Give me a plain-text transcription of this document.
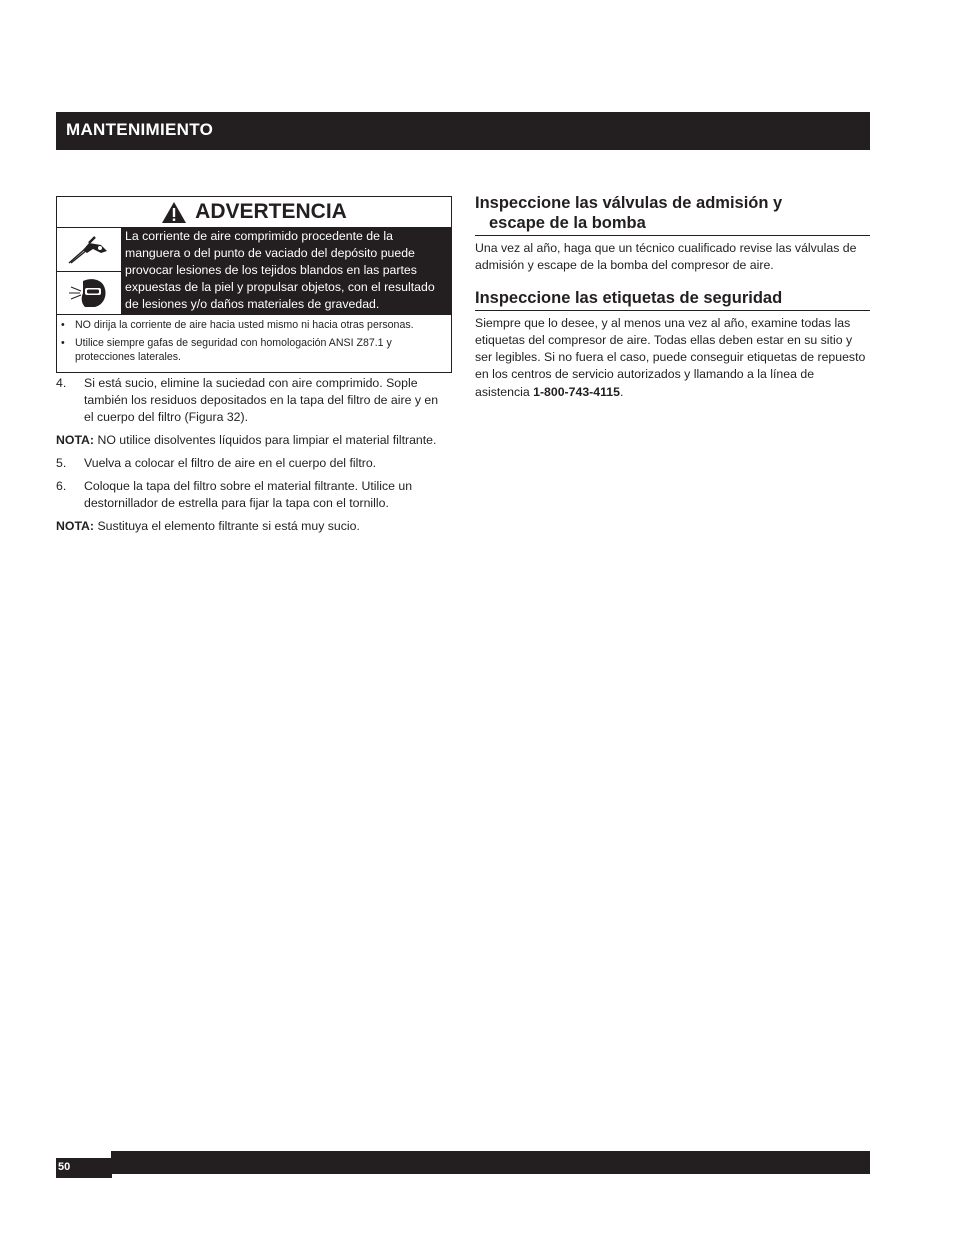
MANTENIMIENTO
ADVERTENCIA
La corriente de aire comprimido procedente de la manguera o del punto de vaciado del depósito puede provocar lesiones de los tejidos blandos en las partes expuestas de la piel y propulsar objetos, con el resultado de lesiones y/o daños materiales de gravedad.
• NO dirija la corriente de aire hacia usted mismo ni hacia otras personas.
• Utilice siempre gafas de seguridad con homologación ANSI Z87.1 y protecciones laterales.
4.	Si está sucio, elimine la suciedad con aire comprimido. Sople también los residuos depositados en la tapa del filtro de aire y en el cuerpo del filtro (Figura 32).
NOTA: NO utilice disolventes líquidos para limpiar el material filtrante.
5.	Vuelva a colocar el filtro de aire en el cuerpo del filtro.
6.	Coloque la tapa del filtro sobre el material filtrante. Utilice un destornillador de estrella para fijar la tapa con el tornillo.
NOTA: Sustituya el elemento filtrante si está muy sucio.
Inspeccione las válvulas de admisión y
escape de la bomba
Una vez al año, haga que un técnico cualificado revise las válvulas de admisión y escape de la bomba del compresor de aire.
Inspeccione las etiquetas de seguridad
Siempre que lo desee, y al menos una vez al año, examine todas las etiquetas del compresor de aire. Todas ellas deben estar en su sitio y ser legibles. Si no fuera el caso, puede conseguir etiquetas de repuesto en los centros de servicio autorizados y llamando a la línea de asistencia 1-800-743-4115.
50
